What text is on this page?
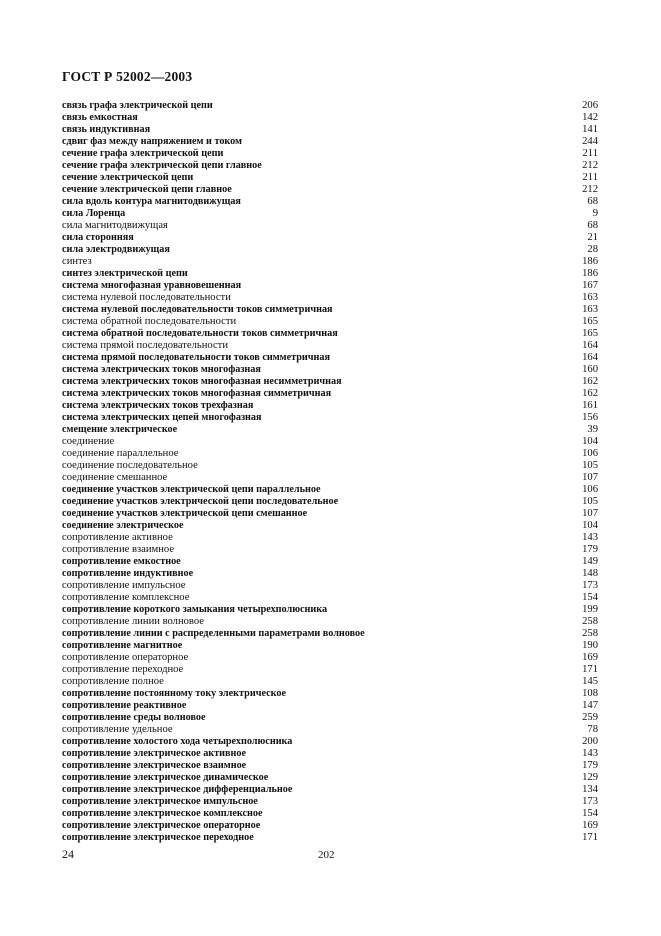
ГОСТ Р 52002—2003
связь графа электрической цепи	206
связь емкостная	142
связь индуктивная	141
сдвиг фаз между напряжением и током	244
сечение графа электрической цепи	211
сечение графа электрической цепи главное	212
сечение электрической цепи	211
сечение электрической цепи главное	212
сила вдоль контура магнитодвижущая	68
сила Лоренца	9
сила магнитодвижущая	68
сила сторонняя	21
сила электродвижущая	28
синтез	186
синтез электрической цепи	186
система многофазная уравновешенная	167
система нулевой последовательности	163
система нулевой последовательности токов симметричная	163
система обратной последовательности	165
система обратной последовательности токов симметричная	165
система прямой последовательности	164
система прямой последовательности токов симметричная	164
система электрических токов многофазная	160
система электрических токов многофазная несимметричная	162
система электрических токов многофазная симметричная	162
система электрических токов трехфазная	161
система электрических цепей многофазная	156
смещение электрическое	39
соединение	104
соединение параллельное	106
соединение последовательное	105
соединение смешанное	107
соединение участков электрической цепи параллельное	106
соединение участков электрической цепи последовательное	105
соединение участков электрической цепи смешанное	107
соединение электрическое	104
сопротивление активное	143
сопротивление взаимное	179
сопротивление емкостное	149
сопротивление индуктивное	148
сопротивление импульсное	173
сопротивление комплексное	154
сопротивление короткого замыкания четырехполюсника	199
сопротивление линии волновое	258
сопротивление линии с распределенными параметрами волновое	258
сопротивление магнитное	190
сопротивление операторное	169
сопротивление переходное	171
сопротивление полное	145
сопротивление постоянному току электрическое	108
сопротивление реактивное	147
сопротивление среды волновое	259
сопротивление удельное	78
сопротивление холостого хода четырехполюсника	200
сопротивление электрическое активное	143
сопротивление электрическое взаимное	179
сопротивление электрическое динамическое	129
сопротивление электрическое дифференциальное	134
сопротивление электрическое импульсное	173
сопротивление электрическое комплексное	154
сопротивление электрическое операторное	169
сопротивление электрическое переходное	171
24	202
